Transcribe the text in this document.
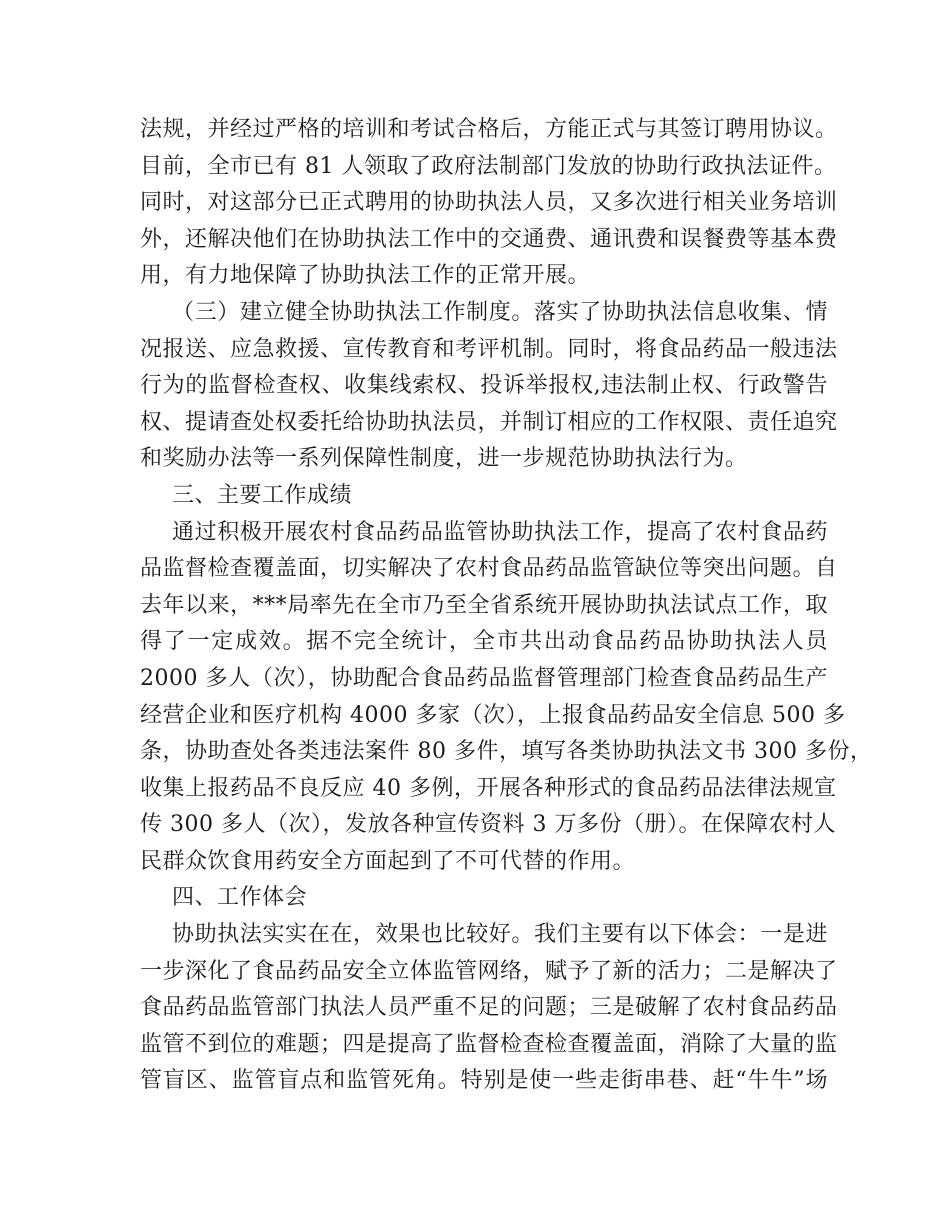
法规，并经过严格的培训和考试合格后，方能正式与其签订聘用协议。
目前，全市已有 81 人领取了政府法制部门发放的协助行政执法证件。
同时，对这部分已正式聘用的协助执法人员，又多次进行相关业务培训
外，还解决他们在协助执法工作中的交通费、通讯费和误餐费等基本费
用，有力地保障了协助执法工作的正常开展。
（三）建立健全协助执法工作制度。落实了协助执法信息收集、情
况报送、应急救援、宣传教育和考评机制。同时，将食品药品一般违法
行为的监督检查权、收集线索权、投诉举报权,违法制止权、行政警告
权、提请查处权委托给协助执法员，并制订相应的工作权限、责任追究
和奖励办法等一系列保障性制度，进一步规范协助执法行为。
三、主要工作成绩
通过积极开展农村食品药品监管协助执法工作，提高了农村食品药
品监督检查覆盖面，切实解决了农村食品药品监管缺位等突出问题。自
去年以来，***局率先在全市乃至全省系统开展协助执法试点工作，取
得了一定成效。据不完全统计，全市共出动食品药品协助执法人员
2000 多人（次），协助配合食品药品监督管理部门检查食品药品生产
经营企业和医疗机构 4000 多家（次），上报食品药品安全信息 500 多
条，协助查处各类违法案件 80 多件，填写各类协助执法文书 300 多份，
收集上报药品不良反应 40 多例，开展各种形式的食品药品法律法规宣
传 300 多人（次），发放各种宣传资料 3 万多份（册）。在保障农村人
民群众饮食用药安全方面起到了不可代替的作用。
四、工作体会
协助执法实实在在，效果也比较好。我们主要有以下体会：一是进
一步深化了食品药品安全立体监管网络，赋予了新的活力；二是解决了
食品药品监管部门执法人员严重不足的问题；三是破解了农村食品药品
监管不到位的难题；四是提高了监督检查检查覆盖面，消除了大量的监
管盲区、监管盲点和监管死角。特别是使一些走街串巷、赶“牛牛”场
